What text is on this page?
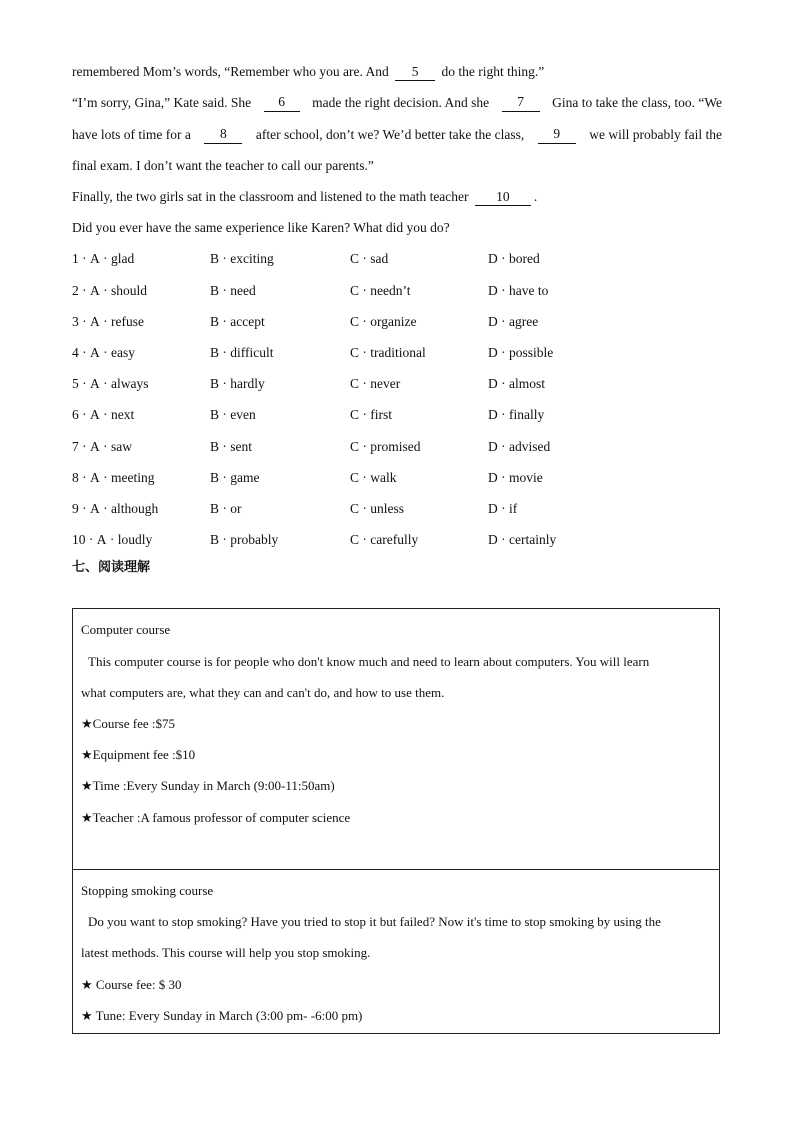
remembered Mom’s words, “Remember who you are. And 5 do the right thing.”
“I’m sorry, Gina,” Kate said. She	6	made the right decision. And she	7	Gina to take the class, too. “We
have lots of time for a	8	after school, don’t we? We’d better take the class,	9	we will probably fail the
final exam. I don’t want the teacher to call our parents.”
Finally, the two girls sat in the classroom and listened to the math teacher 10 .
Did you ever have the same experience like Karen? What did you do?
1 · A · glad	B · exciting	C · sad	D · bored
2 · A · should	B · need	C · needn’t	D · have to
3 · A · refuse	B · accept	C · organize	D · agree
4 · A · easy	B · difficult	C · traditional	D · possible
5 · A · always	B · hardly	C · never	D · almost
6 · A · next	B · even	C · first	D · finally
7 · A · saw	B · sent	C · promised	D · advised
8 · A · meeting	B · game	C · walk	D · movie
9 · A · although	B · or	C · unless	D · if
10 · A · loudly	B · probably	C · carefully	D · certainly
七、阅读理解
Computer course
This computer course is for people who don't know much and need to learn about computers. You will learn
what computers are, what they can and can't do, and how to use them.
★Course fee :$75
★Equipment fee :$10
★Time :Every Sunday in March (9:00-11:50am)
★Teacher :A famous professor of computer science
Stopping smoking course
Do you want to stop smoking? Have you tried to stop it but failed? Now it's time to stop smoking by using the
latest methods. This course will help you stop smoking.
★ Course fee: $ 30
★ Tune: Every Sunday in March (3:00 pm- -6:00 pm)
